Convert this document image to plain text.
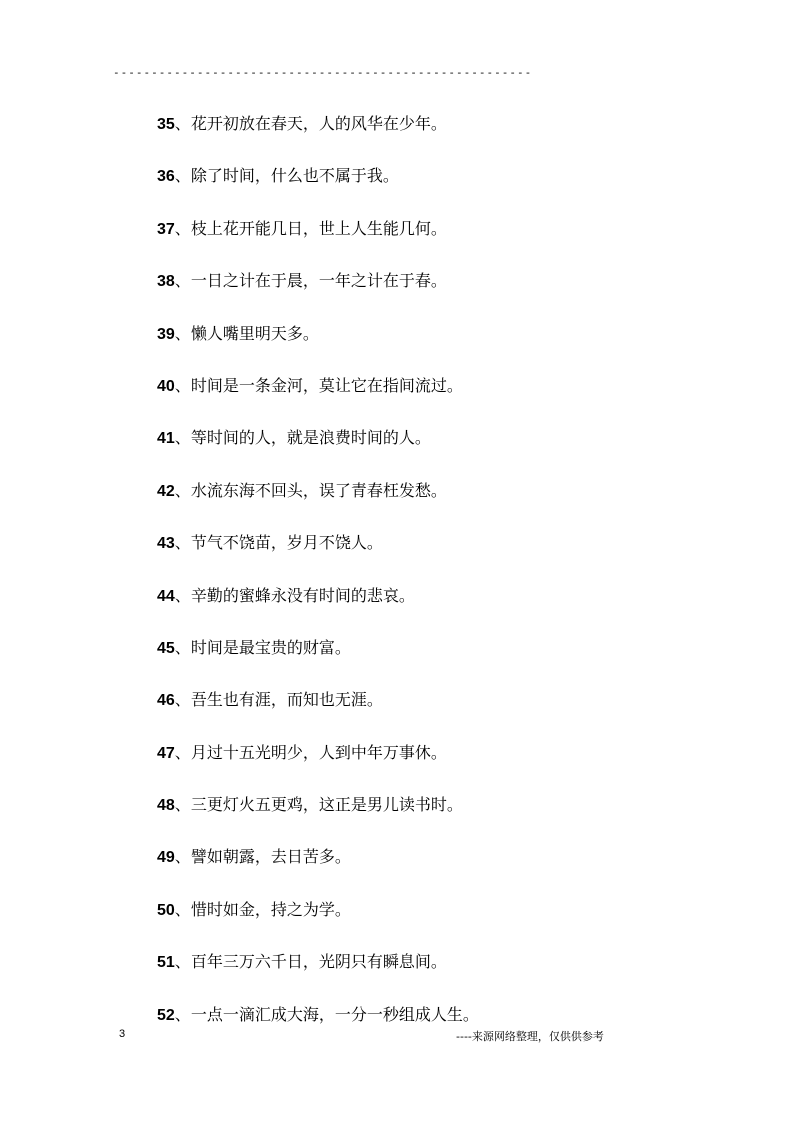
-------------------------------------------------------
35、花开初放在春天，人的风华在少年。
36、除了时间，什么也不属于我。
37、枝上花开能几日，世上人生能几何。
38、一日之计在于晨，一年之计在于春。
39、懒人嘴里明天多。
40、时间是一条金河，莫让它在指间流过。
41、等时间的人，就是浪费时间的人。
42、水流东海不回头，误了青春枉发愁。
43、节气不饶苗，岁月不饶人。
44、辛勤的蜜蜂永没有时间的悲哀。
45、时间是最宝贵的财富。
46、吾生也有涯，而知也无涯。
47、月过十五光明少，人到中年万事休。
48、三更灯火五更鸡，这正是男儿读书时。
49、譬如朝露，去日苦多。
50、惜时如金，持之为学。
51、百年三万六千日，光阴只有瞬息间。
52、一点一滴汇成大海，一分一秒组成人生。
3	----来源网络整理，仅供供参考
